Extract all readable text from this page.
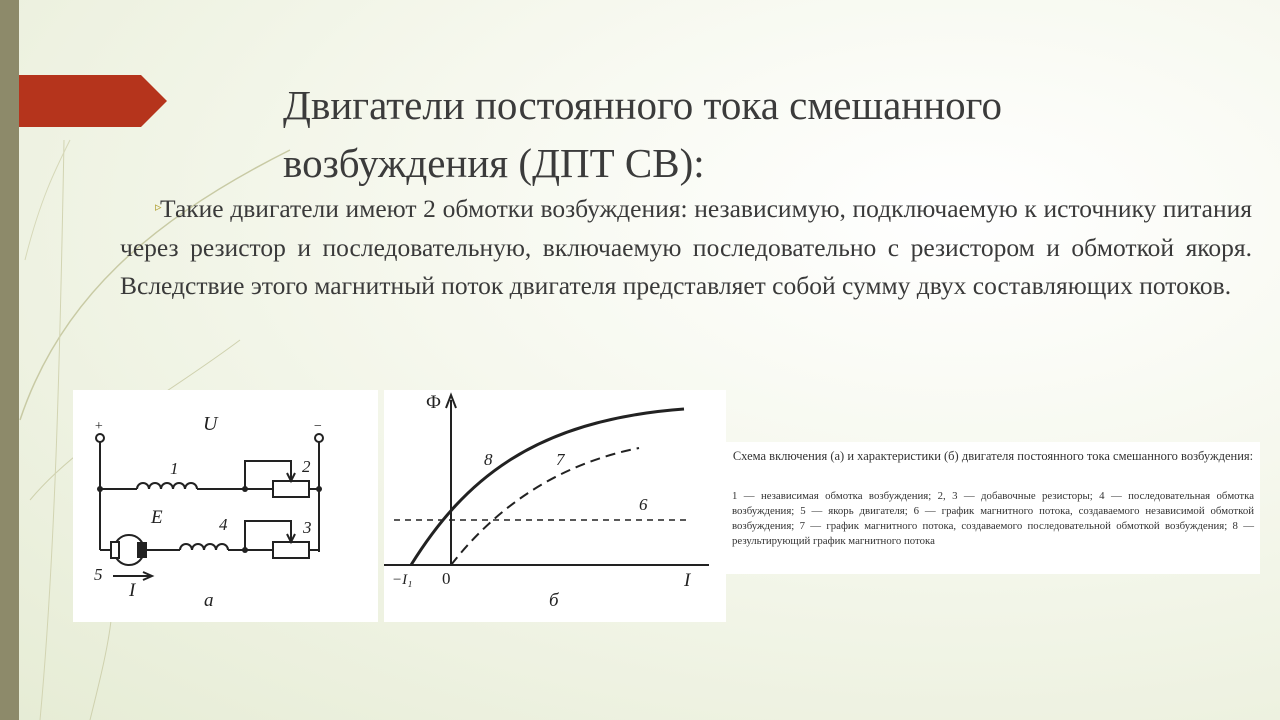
Двигатели постоянного тока смешанного возбуждения (ДПТ СВ):
▹

Такие двигатели имеют 2 обмотки возбуждения: независимую, подключаемую к источнику питания через резистор и последовательную, включаемую последовательно с резистором и обмоткой якоря. Вследствие этого магнитный поток двигателя представляет собой сумму двух составляющих потоков.

+	−
U
1	2
E	4	3
5
I	а
Ф
I
0
−I₁
8	7
6
б

Схема включения (а) и характеристики (б) двигателя постоянного тока смешанного возбуждения:

1 — независимая обмотка возбуждения; 2, 3 — добавочные резисторы; 4 — последовательная обмотка возбуждения; 5 — якорь двигателя; 6 — график магнитного потока, создаваемого независимой обмоткой возбуждения; 7 — график магнитного потока, создаваемого последовательной обмоткой возбуждения; 8 — результирующий график магнитного потока
